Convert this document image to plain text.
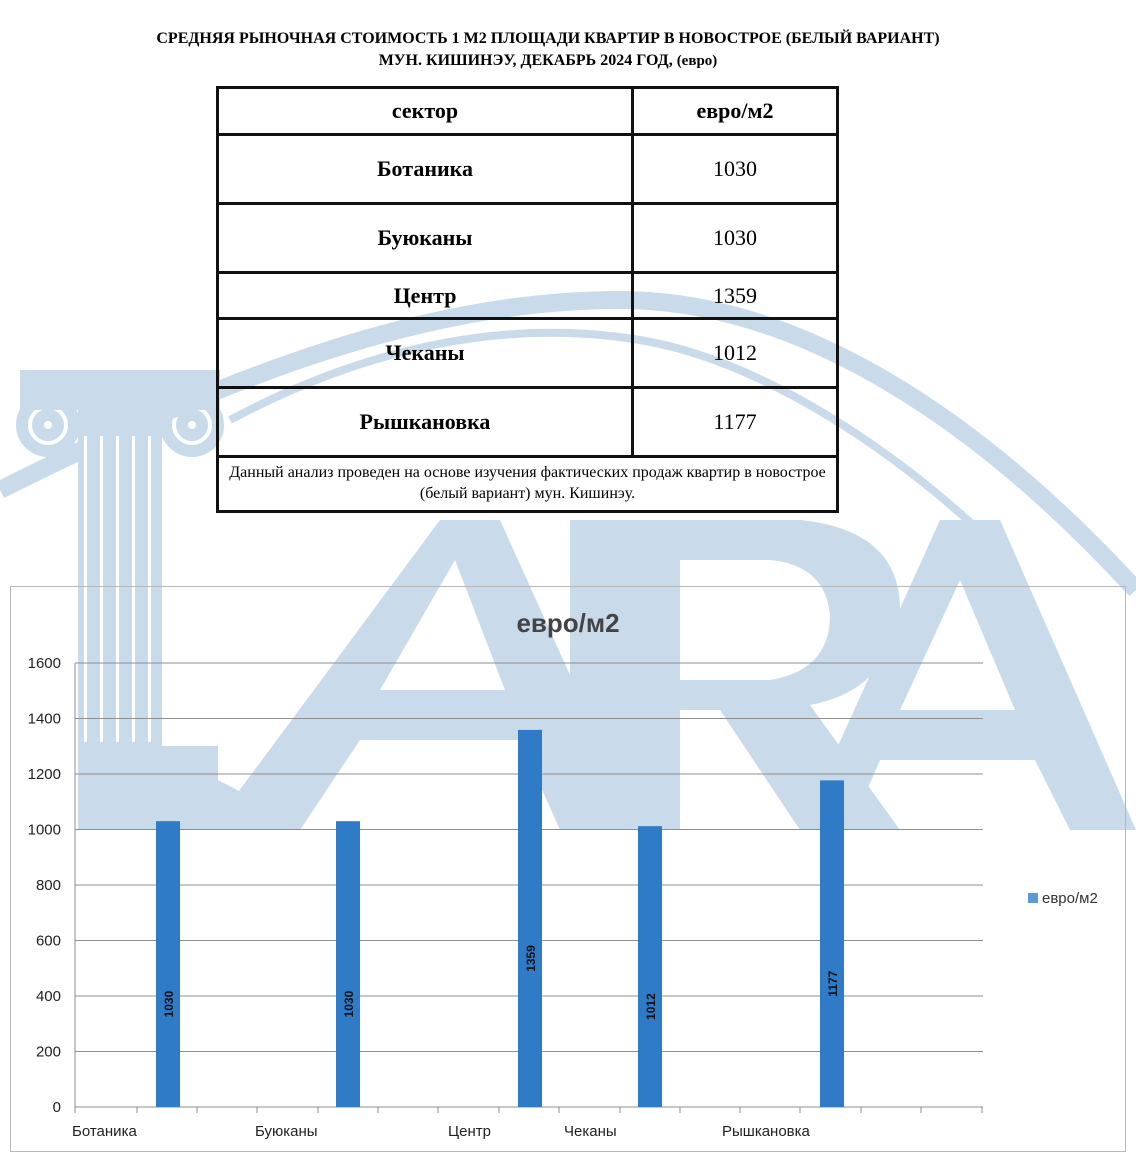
СРЕДНЯЯ РЫНОЧНАЯ СТОИМОСТЬ 1 М2 ПЛОЩАДИ КВАРТИР В НОВОСТРОЕ (БЕЛЫЙ ВАРИАНТ)
МУН. КИШИНЭУ, ДЕКАБРЬ 2024 ГОД, (евро)
сектор	евро/м2
Ботаника	1030
Буюканы	1030
Центр	1359
Чеканы	1012
Рышкановка	1177
Данный анализ проведен на основе изучения фактических продаж квартир в новострое (белый вариант) мун. Кишинэу.	
0
200
400
600
800
1000
1200
1400
1600
1030
Ботаника
1030
Буюканы
1359
Центр
1012
Чеканы
1177
Рышкановка
евро/м2
евро/м2
